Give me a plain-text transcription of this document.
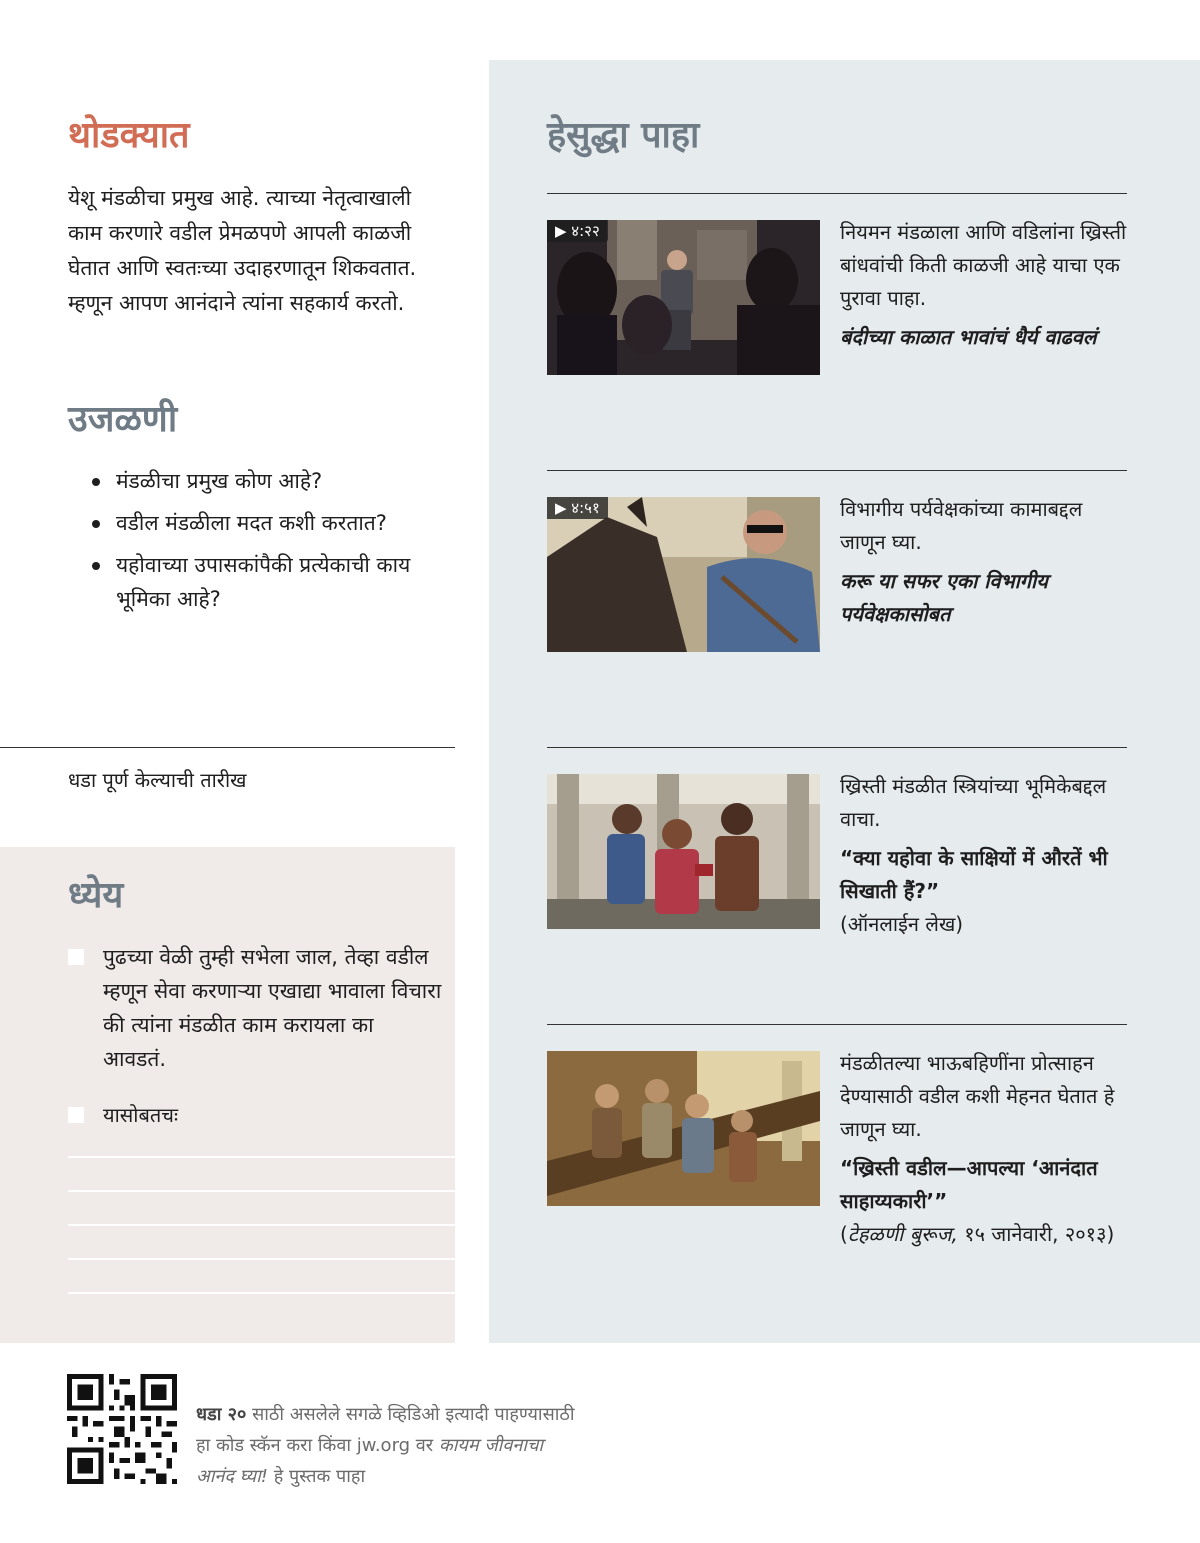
थोडक्यात

येशू मंडळीचा प्रमुख आहे. त्याच्या नेतृत्वाखाली काम करणारे वडील प्रेमळपणे आपली काळजी घेतात आणि स्वतःच्या उदाहरणातून शिकवतात. म्हणून आपण आनंदाने त्यांना सहकार्य करतो.

उजळणी
मंडळीचा प्रमुख कोण आहे?
वडील मंडळीला मदत कशी करतात?
यहोवाच्या उपासकांपैकी प्रत्येकाची काय भूमिका आहे?
धडा पूर्ण केल्याची तारीख
ध्येय

पुढच्या वेळी तुम्ही सभेला जाल, तेव्हा वडील म्हणून सेवा करणाऱ्या एखाद्या भावाला विचारा की त्यांना मंडळीत काम करायला का आवडतं.

यासोबतचः

हेसुद्धा पाहा
▶ ४:२२	नियमन मंडळाला आणि वडिलांना ख्रिस्ती बांधवांची किती काळजी आहे याचा एक पुरावा पाहा.

बंदीच्या काळात भावांचं धैर्य वाढवलं

▶ ४:५१	विभागीय पर्यवेक्षकांच्या कामाबद्दल जाणून घ्या.

करू या सफर एका विभागीय पर्यवेक्षकासोबत

ख्रिस्ती मंडळीत स्त्रियांच्या भूमिकेबद्दल वाचा.

“क्या यहोवा के साक्षियों में औरतें भी सिखाती हैं?”

(ऑनलाईन लेख)

मंडळीतल्या भाऊबहिणींना प्रोत्साहन देण्यासाठी वडील कशी मेहनत घेतात हे जाणून घ्या.

“ख्रिस्ती वडील—आपल्या ‘आनंदात साहाय्यकारी’”

(टेहळणी बुरूज, १५ जानेवारी, २०१३)

धडा २० साठी असलेले सगळे व्हिडिओ इत्यादी पाहण्यासाठी हा कोड स्कॅन करा किंवा jw.org वर कायम जीवनाचा आनंद घ्या! हे पुस्तक पाहा
